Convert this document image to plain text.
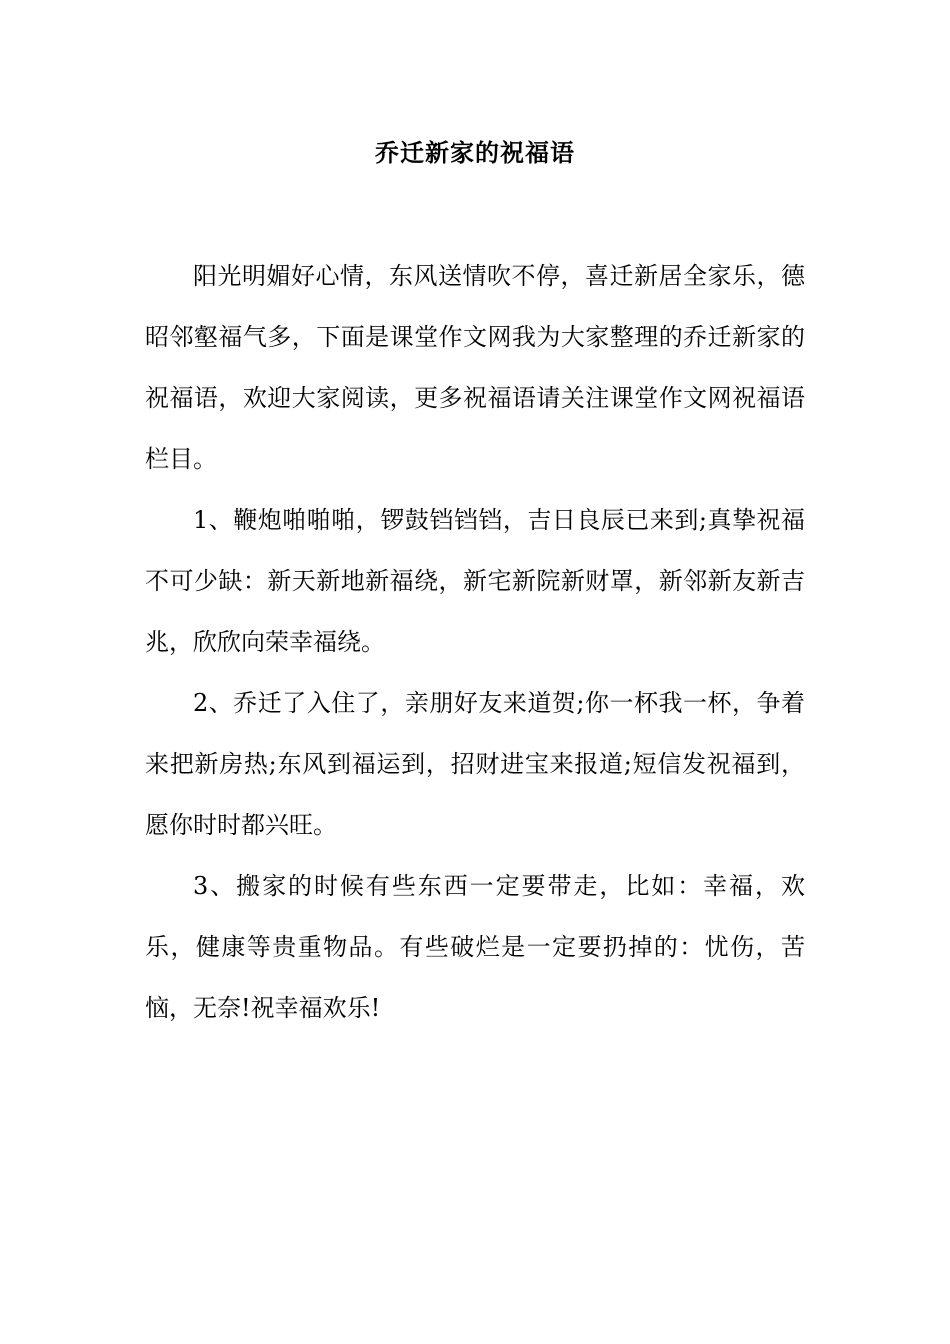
乔迁新家的祝福语

阳光明媚好心情，东风送情吹不停，喜迁新居全家乐，德昭邻壑福气多，下面是课堂作文网我为大家整理的乔迁新家的祝福语，欢迎大家阅读，更多祝福语请关注课堂作文网祝福语栏目。

1、鞭炮啪啪啪，锣鼓铛铛铛，吉日良辰已来到;真挚祝福不可少缺：新天新地新福绕，新宅新院新财罩，新邻新友新吉兆，欣欣向荣幸福绕。

2、乔迁了入住了，亲朋好友来道贺;你一杯我一杯，争着来把新房热;东风到福运到，招财进宝来报道;短信发祝福到，愿你时时都兴旺。

3、搬家的时候有些东西一定要带走，比如：幸福，欢乐，健康等贵重物品。有些破烂是一定要扔掉的：忧伤，苦恼，无奈!祝幸福欢乐!
